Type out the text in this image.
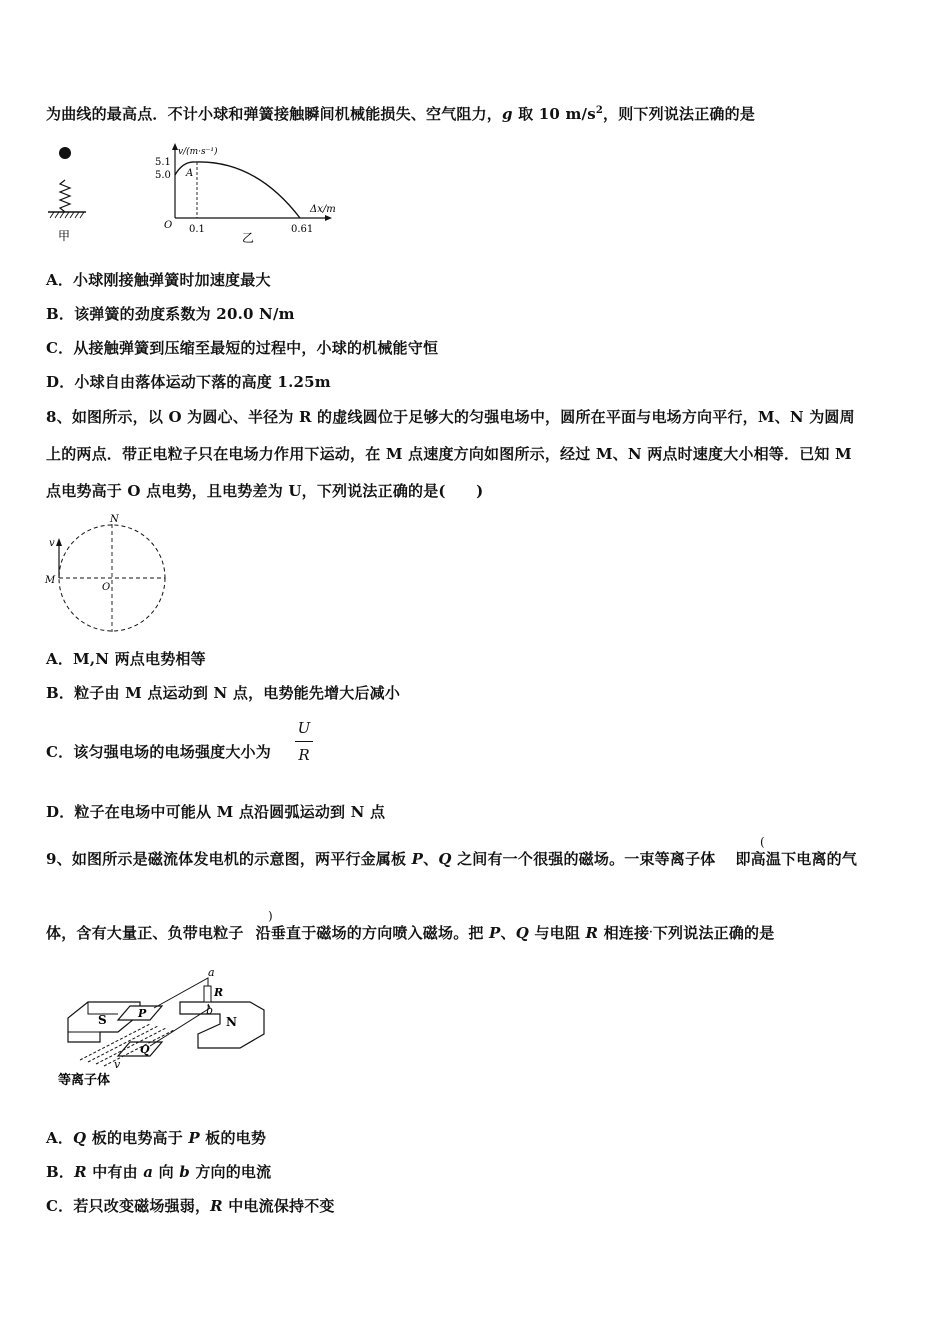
为曲线的最高点．不计小球和弹簧接触瞬间机械能损失、空气阻力，g 取 10 $m/s^2$，则下列说法正确的是
甲
v/(m·s⁻¹)
Δx/m
O
5.1
5.0
0.1	0.61
A
乙
A．小球刚接触弹簧时加速度最大
B．该弹簧的劲度系数为 20.0 N/m
C．从接触弹簧到压缩至最短的过程中，小球的机械能守恒
D．小球自由落体运动下落的高度 1.25m
8、如图所示，以 O 为圆心、半径为 R 的虚线圆位于足够大的匀强电场中，圆所在平面与电场方向平行，M、N 为圆周
上的两点．带正电粒子只在电场力作用下运动，在 M 点速度方向如图所示，经过 M、N 两点时速度大小相等．已知 M
点电势高于 O 点电势，且电势差为 U，下列说法正确的是(　　)
N
M
O
v
A．M,N 两点电势相等
B．粒子由 M 点运动到 N 点，电势能先增大后减小
C．该匀强电场的电场强度大小为 $\frac{U}{R}$
D．粒子在电场中可能从 M 点沿圆弧运动到 N 点
9、如图所示是磁流体发电机的示意图，两平行金属板 P、Q 之间有一个很强的磁场。一束等离子体 即高温下电离的气
(
)
体，含有大量正、负带电粒子 沿垂直于磁场的方向喷入磁场。把 P、Q 与电阻 R 相连接·下列说法正确的是
S	P
Q
v
N
a
R
b
等离子体
A．Q 板的电势高于 P 板的电势
B．R 中有由 a 向 b 方向的电流
C．若只改变磁场强弱，R 中电流保持不变
